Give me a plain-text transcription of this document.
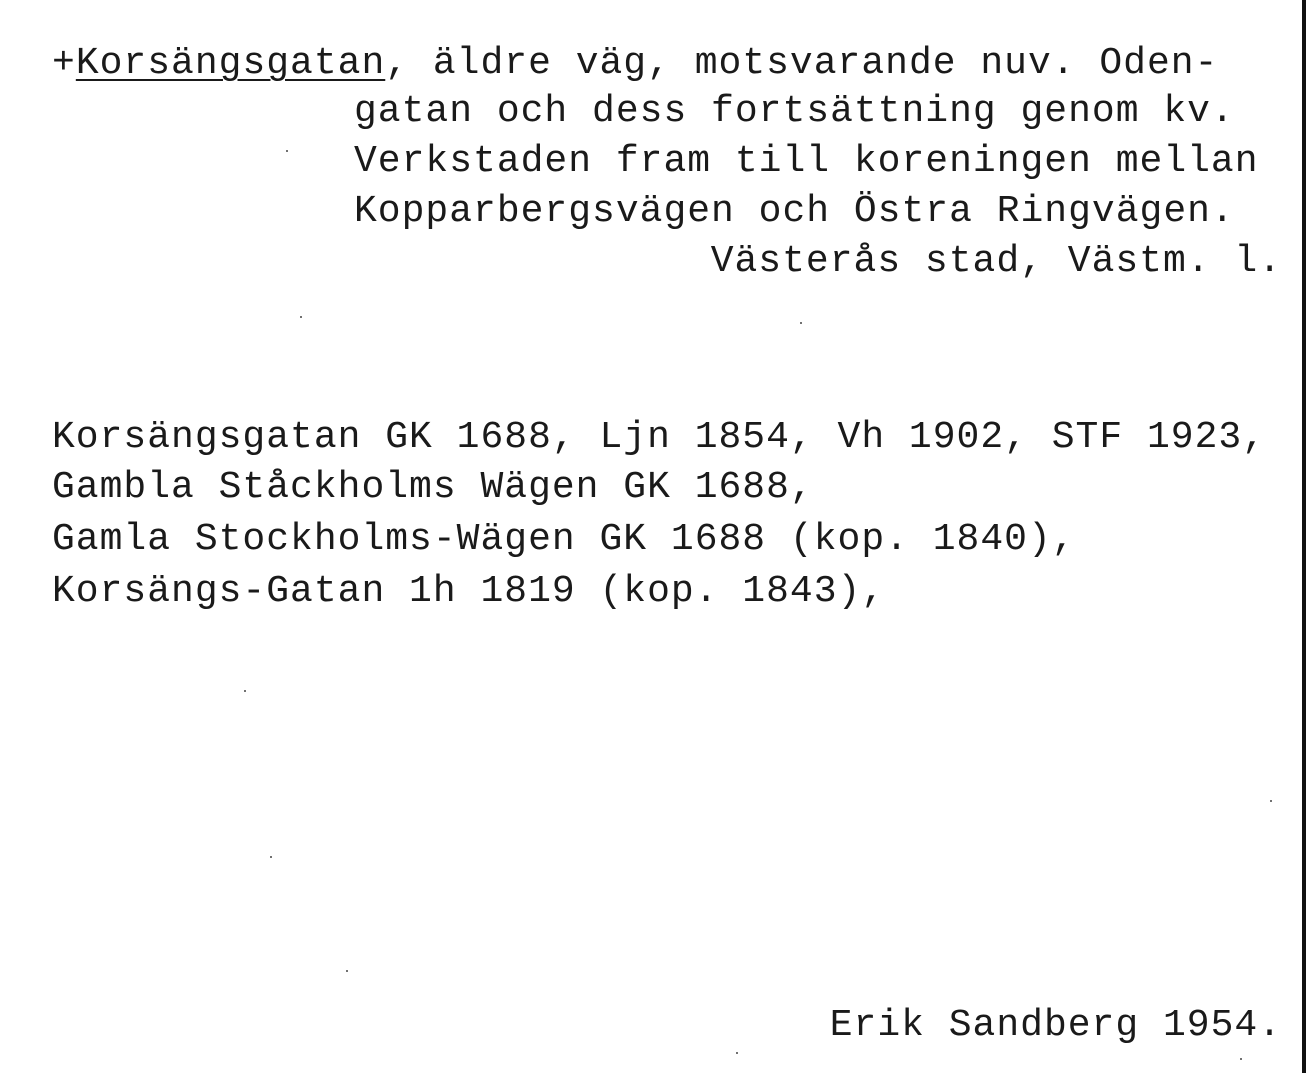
+Korsängsgatan, äldre väg, motsvarande nuv. Oden-
gatan och dess fortsättning genom kv.
Verkstaden fram till koreningen mellan
Kopparbergsvägen och Östra Ringvägen.
Västerås stad, Västm. l.
Korsängsgatan GK 1688, Ljn 1854, Vh 1902, STF 1923,
Gambla Ståckholms Wägen GK 1688,
Gamla Stockholms-Wägen GK 1688 (kop. 1840),
Korsängs-Gatan 1h 1819 (kop. 1843),
Erik Sandberg 1954.
